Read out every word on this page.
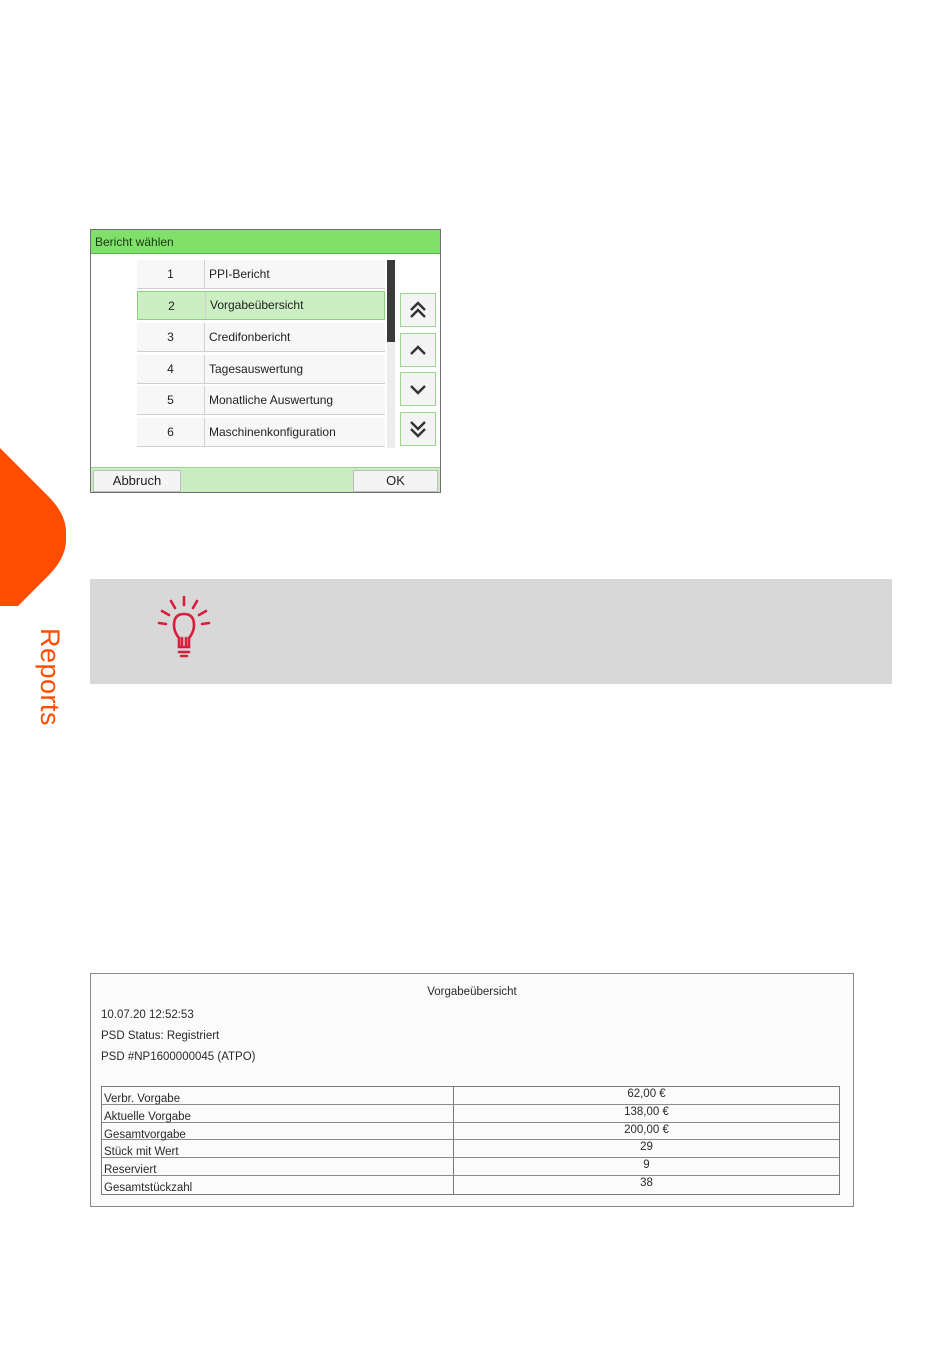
Reports
Bericht wählen
1	PPI-Bericht
2	Vorgabeübersicht
3	Credifonbericht
4	Tagesauswertung
5	Monatliche Auswertung
6	Maschinenkonfiguration
Abbruch	OK
Vorgabeübersicht
10.07.20 12:52:53
PSD Status: Registriert
PSD #NP1600000045 (ATPO)
Verbr. Vorgabe	62,00 €
Aktuelle Vorgabe	138,00 €
Gesamtvorgabe	200,00 €
Stück mit Wert	29
Reserviert	9
Gesamtstückzahl	38
